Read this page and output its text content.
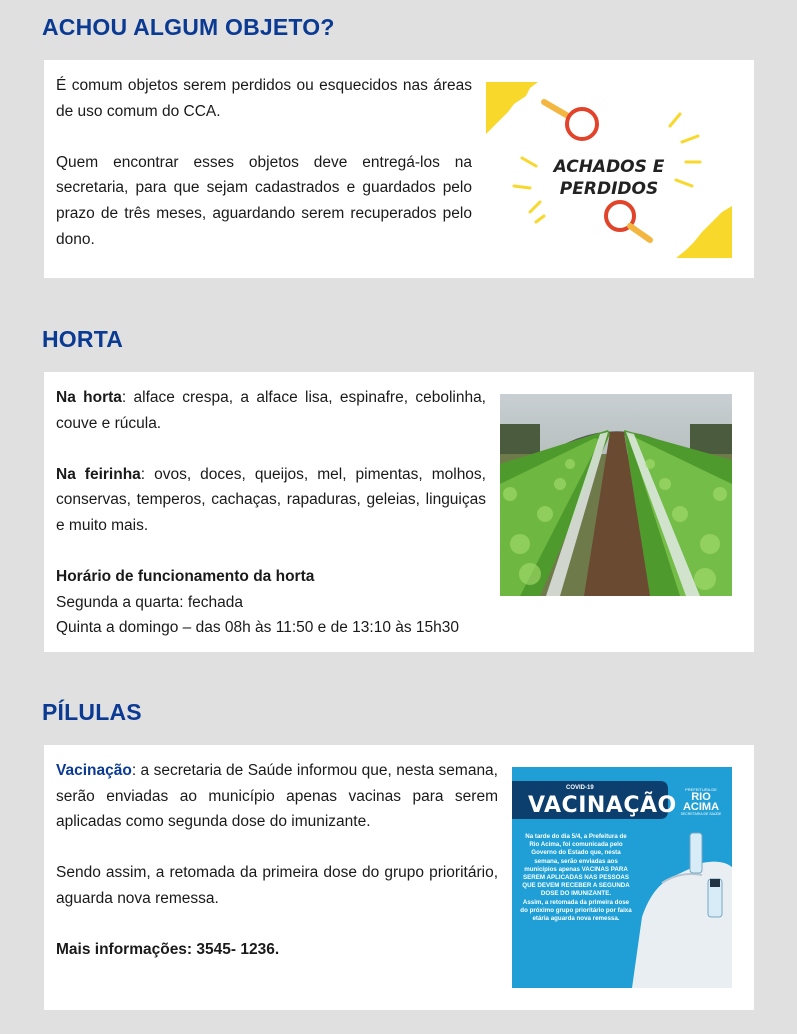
ACHOU ALGUM OBJETO?

É comum objetos serem perdidos ou esquecidos nas áreas de uso comum do CCA.

Quem encontrar esses objetos deve entregá-los na secretaria, para que sejam cadastrados e guardados pelo prazo de três meses, aguardando serem recuperados pelo dono.

ACHADOS E
PERDIDOS
HORTA

Na horta: alface crespa, a alface lisa, espinafre, cebolinha, couve e rúcula.

Na feirinha: ovos, doces, queijos, mel, pimentas, molhos, conservas, temperos, cachaças, rapaduras, geleias, linguiças e muito mais.

Horário de funcionamento da horta

Segunda a quarta: fechada

Quinta a domingo – das 08h às 11:50 e de 13:10 às 15h30

PÍLULAS

Vacinação: a secretaria de Saúde informou que, nesta semana, serão enviadas ao município apenas vacinas para serem aplicadas como segunda dose do imunizante.

Sendo assim, a retomada da primeira dose do grupo prioritário, aguarda nova remessa.

Mais informações: 3545- 1236.

COVID-19
VACINAÇÃO
PREFEITURA DE
RIO
ACIMA
SECRETARIA DE SAÚDE
Na tarde do dia 5/4, a Prefeitura de Rio Acima, foi comunicada pelo Governo do Estado que, nesta semana, serão enviadas aos municípios apenas VACINAS PARA SEREM APLICADAS NAS PESSOAS QUE DEVEM RECEBER A SEGUNDA DOSE DO IMUNIZANTE.
Assim, a retomada da primeira dose do próximo grupo prioritário por faixa etária aguarda nova remessa.
